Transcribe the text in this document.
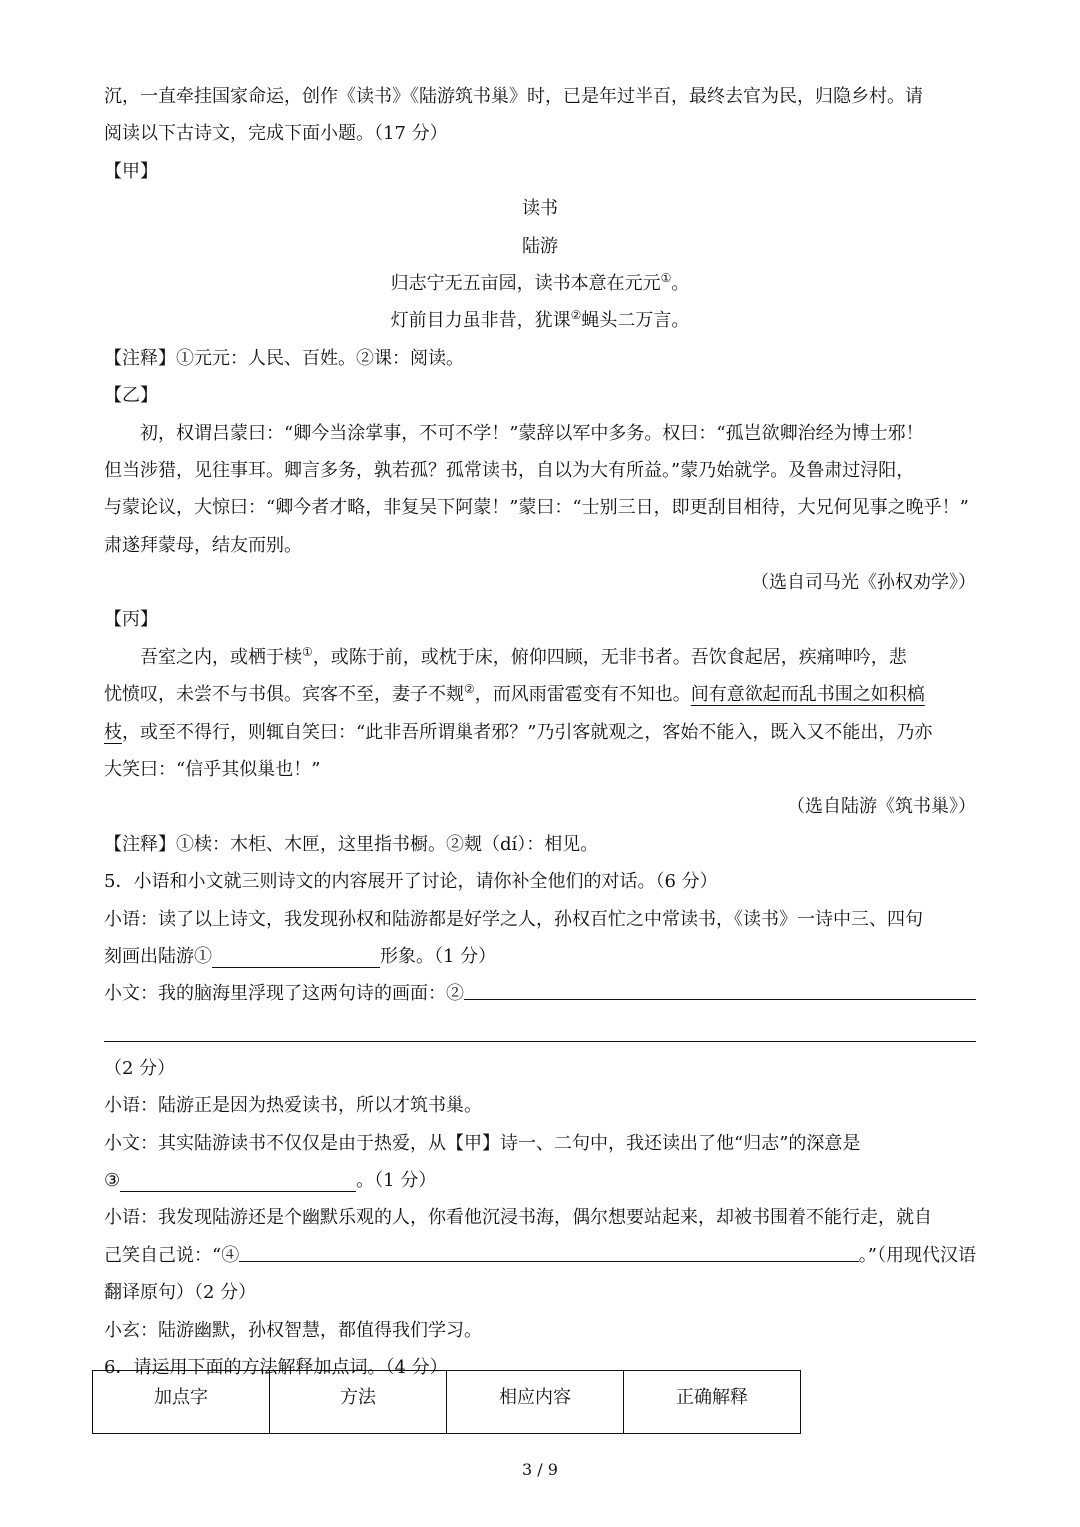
沉，一直牵挂国家命运，创作《读书》《陆游筑书巢》时，已是年过半百，最终去官为民，归隐乡村。请
阅读以下古诗文，完成下面小题。（17 分）
【甲】
读书
陆游
归志宁无五亩园，读书本意在元元①。
灯前目力虽非昔，犹课②蝇头二万言。
【注释】①元元：人民、百姓。②课：阅读。
【乙】
初，权谓吕蒙曰：“卿今当涂掌事，不可不学！”蒙辞以军中多务。权曰：“孤岂欲卿治经为博士邪！
但当涉猎，见往事耳。卿言多务，孰若孤？孤常读书，自以为大有所益。”蒙乃始就学。及鲁肃过浔阳，
与蒙论议，大惊曰：“卿今者才略，非复吴下阿蒙！”蒙曰：“士别三日，即更刮目相待，大兄何见事之晚乎！”
肃遂拜蒙母，结友而别。
（选自司马光《孙权劝学》）
【丙】
吾室之内，或栖于椟①，或陈于前，或枕于床，俯仰四顾，无非书者。吾饮食起居，疾痛呻吟，悲
忧愤叹，未尝不与书俱。宾客不至，妻子不觌②，而风雨雷雹变有不知也。间有意欲起而乱书围之如积槁
枝，或至不得行，则辄自笑曰：“此非吾所谓巢者邪？”乃引客就观之，客始不能入，既入又不能出，乃亦
大笑曰：“信乎其似巢也！”
（选自陆游《筑书巢》）
【注释】①椟：木柜、木匣，这里指书橱。②觌（dí）：相见。
5．小语和小文就三则诗文的内容展开了讨论，请你补全他们的对话。（6 分）
小语：读了以上诗文，我发现孙权和陆游都是好学之人，孙权百忙之中常读书，《读书》一诗中三、四句
刻画出陆游①	形象。（1 分）
小文：我的脑海里浮现了这两句诗的画面：②
（2 分）
小语：陆游正是因为热爱读书，所以才筑书巢。
小文：其实陆游读书不仅仅是由于热爱，从【甲】诗一、二句中，我还读出了他“归志”的深意是
③	。（1 分）
小语：我发现陆游还是个幽默乐观的人，你看他沉浸书海，偶尔想要站起来，却被书围着不能行走，就自
己笑自己说：“④	。”（用现代汉语
翻译原句）（2 分）
小玄：陆游幽默，孙权智慧，都值得我们学习。
6．请运用下面的方法解释加点词。（4 分）
加点字	方法	相应内容	正确解释
3 / 9
